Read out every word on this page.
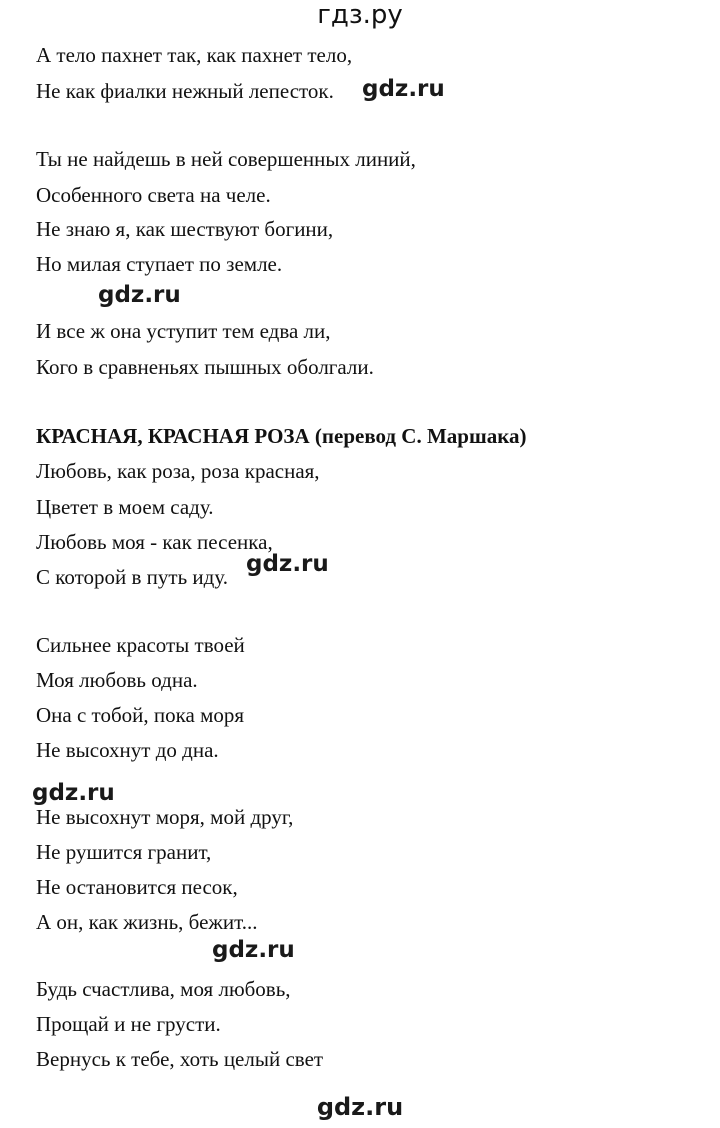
гдз.ру
А тело пахнет так, как пахнет тело,
Не как фиалки нежный лепесток. gdz.ru
Ты не найдешь в ней совершенных линий,
Особенного света на челе.
Не знаю я, как шествуют богини,
Но милая ступает по земле.
gdz.ru
И все ж она уступит тем едва ли,
Кого в сравненьях пышных оболгали.
КРАСНАЯ, КРАСНАЯ РОЗА (перевод С. Маршака)
Любовь, как роза, роза красная,
Цветет в моем саду.
Любовь моя - как песенка,
С которой в путь иду. gdz.ru
Сильнее красоты твоей
Моя любовь одна.
Она с тобой, пока моря
Не высохнут до дна.
gdz.ru
Не высохнут моря, мой друг,
Не рушится гранит,
Не остановится песок,
А он, как жизнь, бежит...
gdz.ru
Будь счастлива, моя любовь,
Прощай и не грусти.
Вернусь к тебе, хоть целый свет
gdz.ru
